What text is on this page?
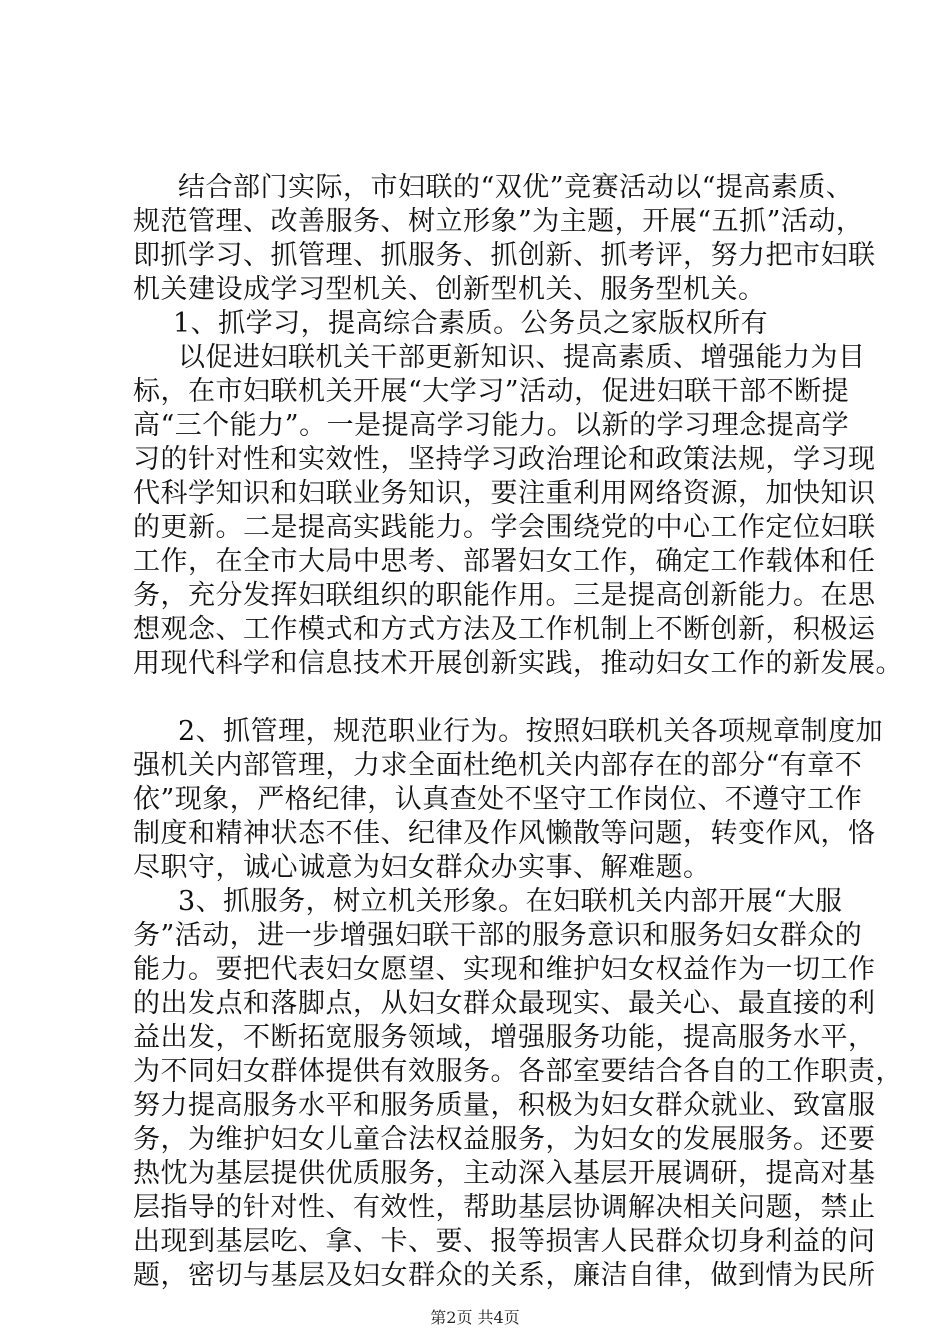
结合部门实际，市妇联的“双优”竞赛活动以“提高素质、
规范管理、改善服务、树立形象”为主题，开展“五抓”活动，
即抓学习、抓管理、抓服务、抓创新、抓考评，努力把市妇联
机关建设成学习型机关、创新型机关、服务型机关。
1、抓学习，提高综合素质。公务员之家版权所有
以促进妇联机关干部更新知识、提高素质、增强能力为目
标，在市妇联机关开展“大学习”活动，促进妇联干部不断提
高“三个能力”。一是提高学习能力。以新的学习理念提高学
习的针对性和实效性，坚持学习政治理论和政策法规，学习现
代科学知识和妇联业务知识，要注重利用网络资源，加快知识
的更新。二是提高实践能力。学会围绕党的中心工作定位妇联
工作，在全市大局中思考、部署妇女工作，确定工作载体和任
务，充分发挥妇联组织的职能作用。三是提高创新能力。在思
想观念、工作模式和方式方法及工作机制上不断创新，积极运
用现代科学和信息技术开展创新实践，推动妇女工作的新发展。
2、抓管理，规范职业行为。按照妇联机关各项规章制度加
强机关内部管理，力求全面杜绝机关内部存在的部分“有章不
依”现象，严格纪律，认真查处不坚守工作岗位、不遵守工作
制度和精神状态不佳、纪律及作风懒散等问题，转变作风，恪
尽职守，诚心诚意为妇女群众办实事、解难题。
3、抓服务，树立机关形象。在妇联机关内部开展“大服
务”活动，进一步增强妇联干部的服务意识和服务妇女群众的
能力。要把代表妇女愿望、实现和维护妇女权益作为一切工作
的出发点和落脚点，从妇女群众最现实、最关心、最直接的利
益出发，不断拓宽服务领域，增强服务功能，提高服务水平，
为不同妇女群体提供有效服务。各部室要结合各自的工作职责，
努力提高服务水平和服务质量，积极为妇女群众就业、致富服
务，为维护妇女儿童合法权益服务，为妇女的发展服务。还要
热忱为基层提供优质服务，主动深入基层开展调研，提高对基
层指导的针对性、有效性，帮助基层协调解决相关问题，禁止
出现到基层吃、拿、卡、要、报等损害人民群众切身利益的问
题，密切与基层及妇女群众的关系，廉洁自律，做到情为民所
第2页 共4页
